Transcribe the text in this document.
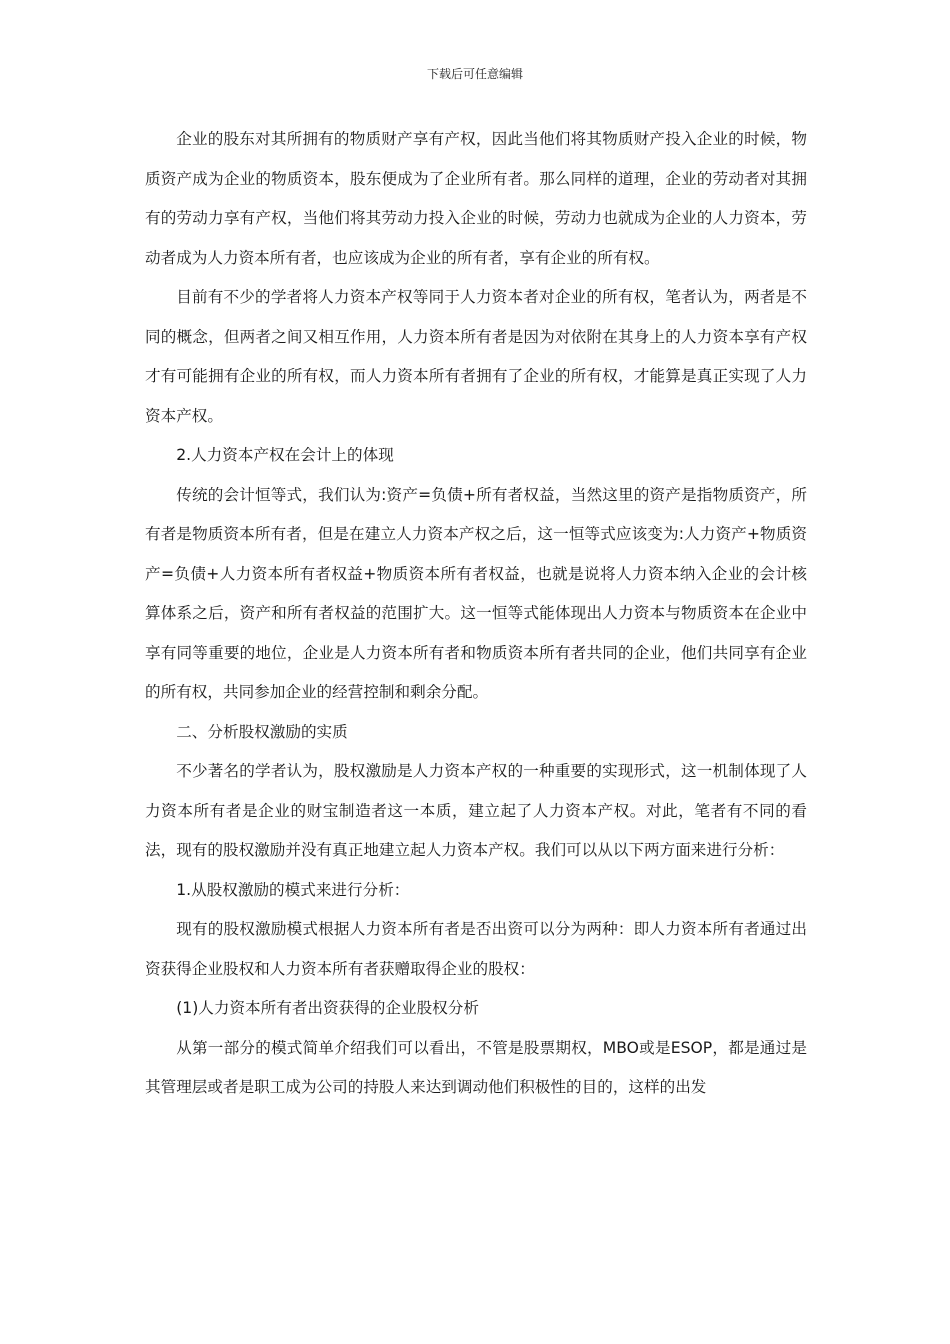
下载后可任意编辑

企业的股东对其所拥有的物质财产享有产权，因此当他们将其物质财产投入企业的时候，物质资产成为企业的物质资本，股东便成为了企业所有者。那么同样的道理，企业的劳动者对其拥有的劳动力享有产权，当他们将其劳动力投入企业的时候，劳动力也就成为企业的人力资本，劳动者成为人力资本所有者，也应该成为企业的所有者，享有企业的所有权。

目前有不少的学者将人力资本产权等同于人力资本者对企业的所有权，笔者认为，两者是不同的概念，但两者之间又相互作用，人力资本所有者是因为对依附在其身上的人力资本享有产权才有可能拥有企业的所有权，而人力资本所有者拥有了企业的所有权，才能算是真正实现了人力资本产权。

2.人力资本产权在会计上的体现

传统的会计恒等式，我们认为:资产=负债+所有者权益，当然这里的资产是指物质资产，所有者是物质资本所有者，但是在建立人力资本产权之后，这一恒等式应该变为:人力资产+物质资产=负债+人力资本所有者权益+物质资本所有者权益，也就是说将人力资本纳入企业的会计核算体系之后，资产和所有者权益的范围扩大。这一恒等式能体现出人力资本与物质资本在企业中享有同等重要的地位，企业是人力资本所有者和物质资本所有者共同的企业，他们共同享有企业的所有权，共同参加企业的经营控制和剩余分配。

二、分析股权激励的实质

不少著名的学者认为，股权激励是人力资本产权的一种重要的实现形式，这一机制体现了人力资本所有者是企业的财宝制造者这一本质，建立起了人力资本产权。对此，笔者有不同的看法，现有的股权激励并没有真正地建立起人力资本产权。我们可以从以下两方面来进行分析：

1.从股权激励的模式来进行分析：

现有的股权激励模式根据人力资本所有者是否出资可以分为两种：即人力资本所有者通过出资获得企业股权和人力资本所有者获赠取得企业的股权：

(1)人力资本所有者出资获得的企业股权分析

从第一部分的模式简单介绍我们可以看出，不管是股票期权，MBO或是ESOP，都是通过是其管理层或者是职工成为公司的持股人来达到调动他们积极性的目的，这样的出发
